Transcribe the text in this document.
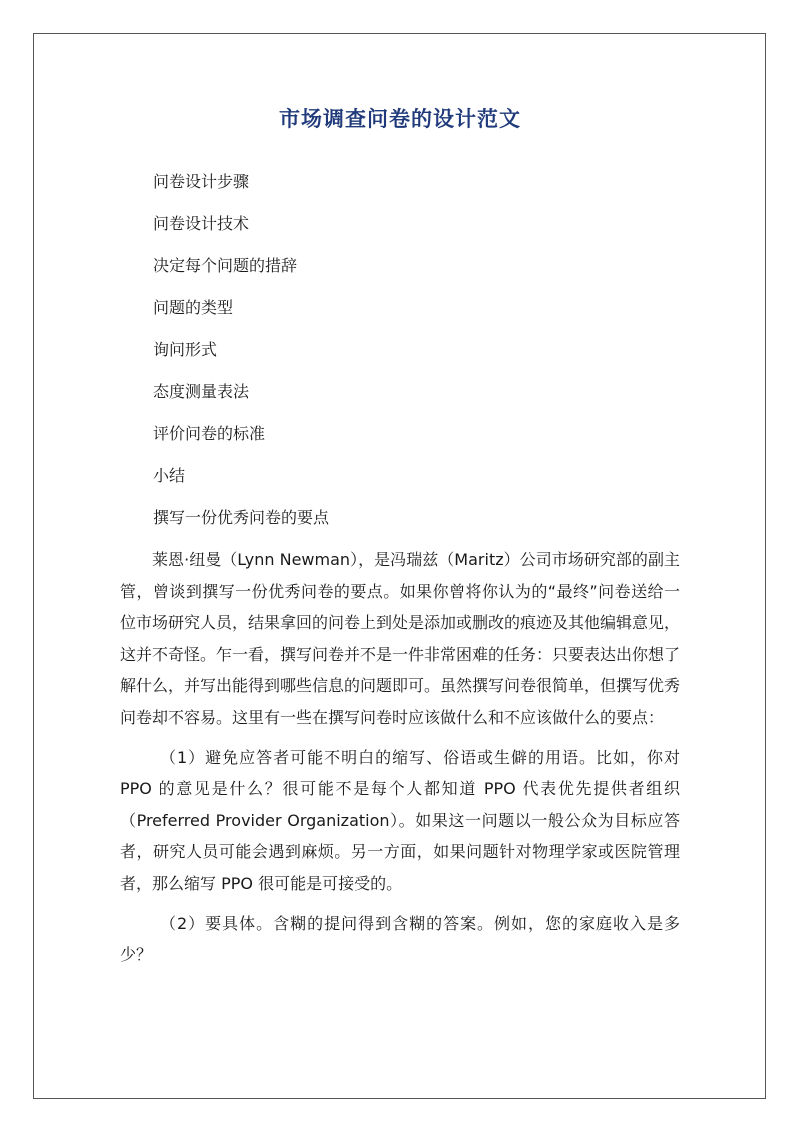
市场调查问卷的设计范文
问卷设计步骤
问卷设计技术
决定每个问题的措辞
问题的类型
询问形式
态度测量表法
评价问卷的标准
小结
撰写一份优秀问卷的要点

莱恩·纽曼（Lynn Newman），是冯瑞兹（Maritz）公司市场研究部的副主管，曾谈到撰写一份优秀问卷的要点。如果你曾将你认为的“最终”问卷送给一位市场研究人员，结果拿回的问卷上到处是添加或删改的痕迹及其他编辑意见，这并不奇怪。乍一看，撰写问卷并不是一件非常困难的任务：只要表达出你想了解什么，并写出能得到哪些信息的问题即可。虽然撰写问卷很简单，但撰写优秀问卷却不容易。这里有一些在撰写问卷时应该做什么和不应该做什么的要点：

（1）避免应答者可能不明白的缩写、俗语或生僻的用语。比如，你对 PPO 的意见是什么？很可能不是每个人都知道 PPO 代表优先提供者组织（Preferred Provider Organization）。如果这一问题以一般公众为目标应答者，研究人员可能会遇到麻烦。另一方面，如果问题针对物理学家或医院管理者，那么缩写 PPO 很可能是可接受的。

（2）要具体。含糊的提问得到含糊的答案。例如，您的家庭收入是多少？
